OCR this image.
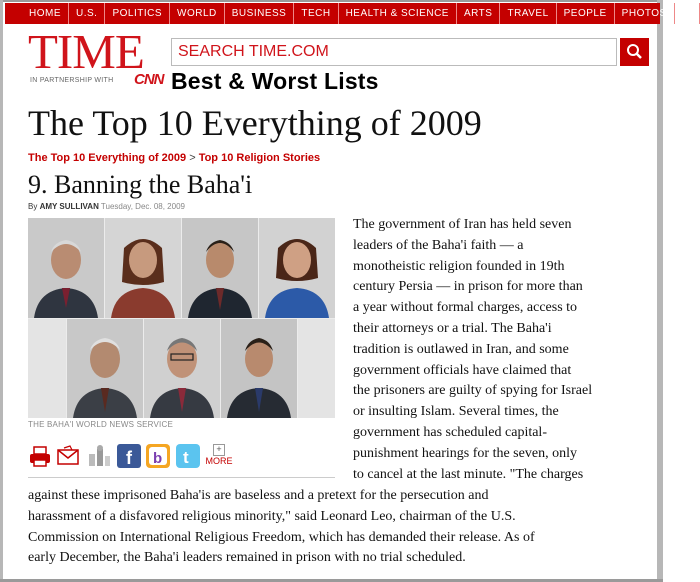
HOME	U.S.	POLITICS	WORLD	BUSINESS	TECH	HEALTH & SCIENCE	ARTS	TRAVEL	PEOPLE	PHOTOS	VI
TIME
IN PARTNERSHIP WITH CNN
SEARCH TIME.COM Best & Worst Lists
The Top 10 Everything of 2009
The Top 10 Everything of 2009 > Top 10 Religion Stories
9. Banning the Baha'i
By AMY SULLIVAN Tuesday, Dec. 08, 2009
THE BAHA'I WORLD NEWS SERVICE
f b t	+
MORE
The government of Iran has held seven
leaders of the Baha'i faith — a
monotheistic religion founded in 19th
century Persia — in prison for more than
a year without formal charges, access to
their attorneys or a trial. The Baha'i
tradition is outlawed in Iran, and some
government officials have claimed that
the prisoners are guilty of spying for Israel
or insulting Islam. Several times, the
government has scheduled capital-
punishment hearings for the seven, only
to cancel at the last minute. "The charges
against these imprisoned Baha'is are baseless and a pretext for the persecution and
harassment of a disfavored religious minority," said Leonard Leo, chairman of the U.S.
Commission on International Religious Freedom, which has demanded their release. As of
early December, the Baha'i leaders remained in prison with no trial scheduled.
